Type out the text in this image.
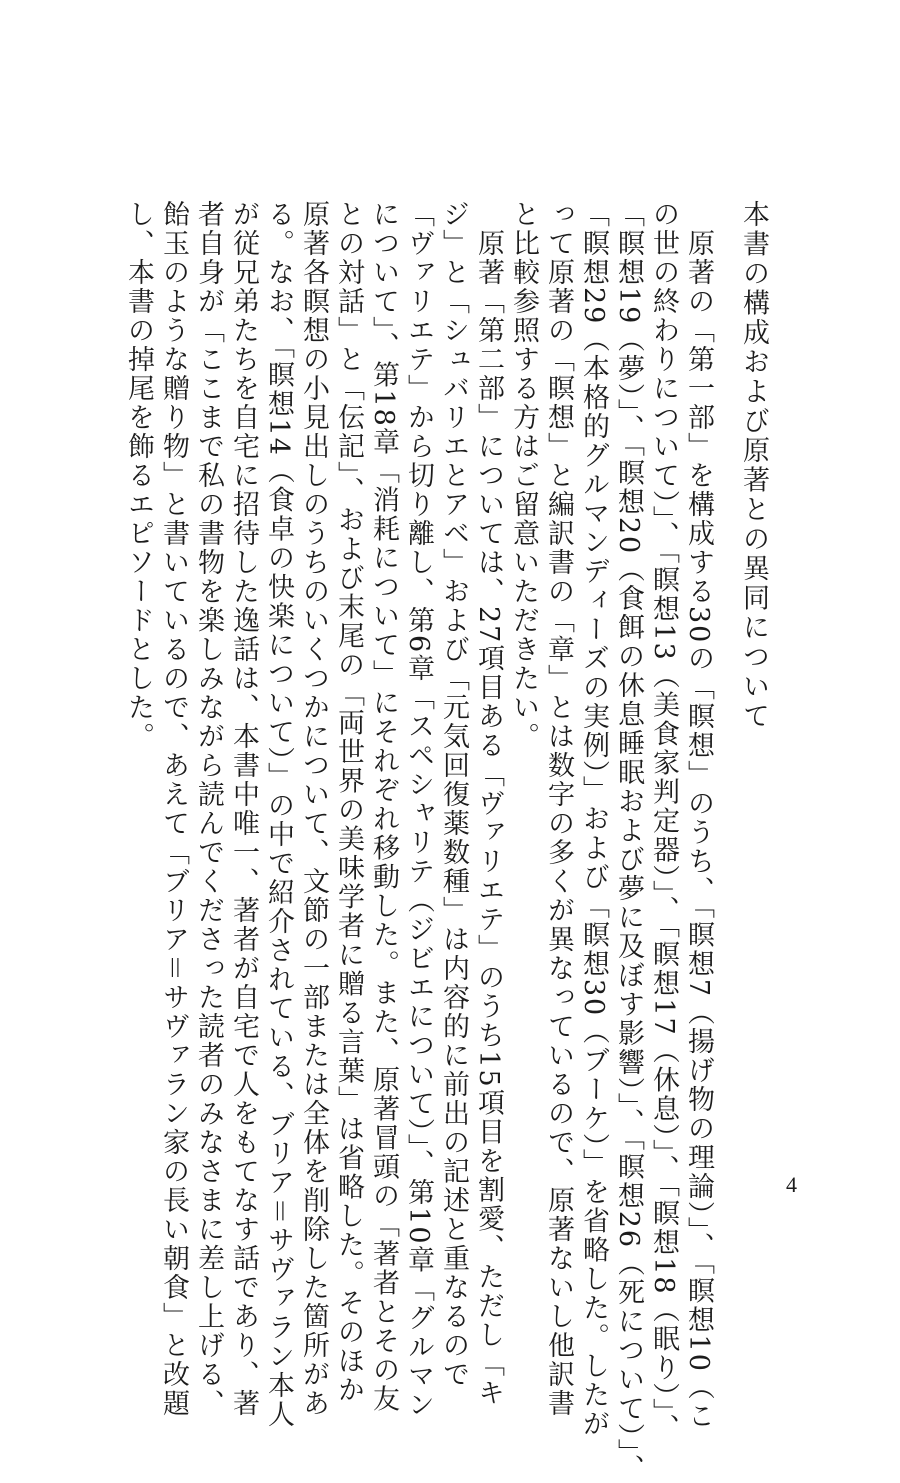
本書の構成および原著との異同について
　原著の「第一部」を構成する30の「瞑想」のうち、「瞑想7（揚げ物の理論）」、「瞑想10（こ
の世の終わりについて）」、「瞑想13（美食家判定器）」、「瞑想17（休息）」、「瞑想18（眠り）」、
「瞑想19（夢）」、「瞑想20（食餌の休息睡眠および夢に及ぼす影響）」、「瞑想26（死について）」、
「瞑想29（本格的グルマンディーズの実例）」および「瞑想30（ブーケ）」を省略した。したが
って原著の「瞑想」と編訳書の「章」とは数字の多くが異なっているので、原著ないし他訳書
と比較参照する方はご留意いただきたい。
　原著「第二部」については、27項目ある「ヴァリエテ」のうち15項目を割愛、ただし「キ
ジ」と「シュバリエとアベ」および「元気回復薬数種」は内容的に前出の記述と重なるので
「ヴァリエテ」から切り離し、第6章「スペシャリテ（ジビエについて）」、第10章「グルマン
について」、第18章「消耗について」にそれぞれ移動した。また、原著冒頭の「著者とその友
との対話」と「伝記」、および末尾の「両世界の美味学者に贈る言葉」は省略した。そのほか
原著各瞑想の小見出しのうちのいくつかについて、文節の一部または全体を削除した箇所があ
る。なお、「瞑想14（食卓の快楽について）」の中で紹介されている、ブリア＝サヴァラン本人
が従兄弟たちを自宅に招待した逸話は、本書中唯一、著者が自宅で人をもてなす話であり、著
者自身が「ここまで私の書物を楽しみながら読んでくださった読者のみなさまに差し上げる、
飴玉のような贈り物」と書いているので、あえて「ブリア＝サヴァラン家の長い朝食」と改題
し、本書の掉尾を飾るエピソードとした。
4
